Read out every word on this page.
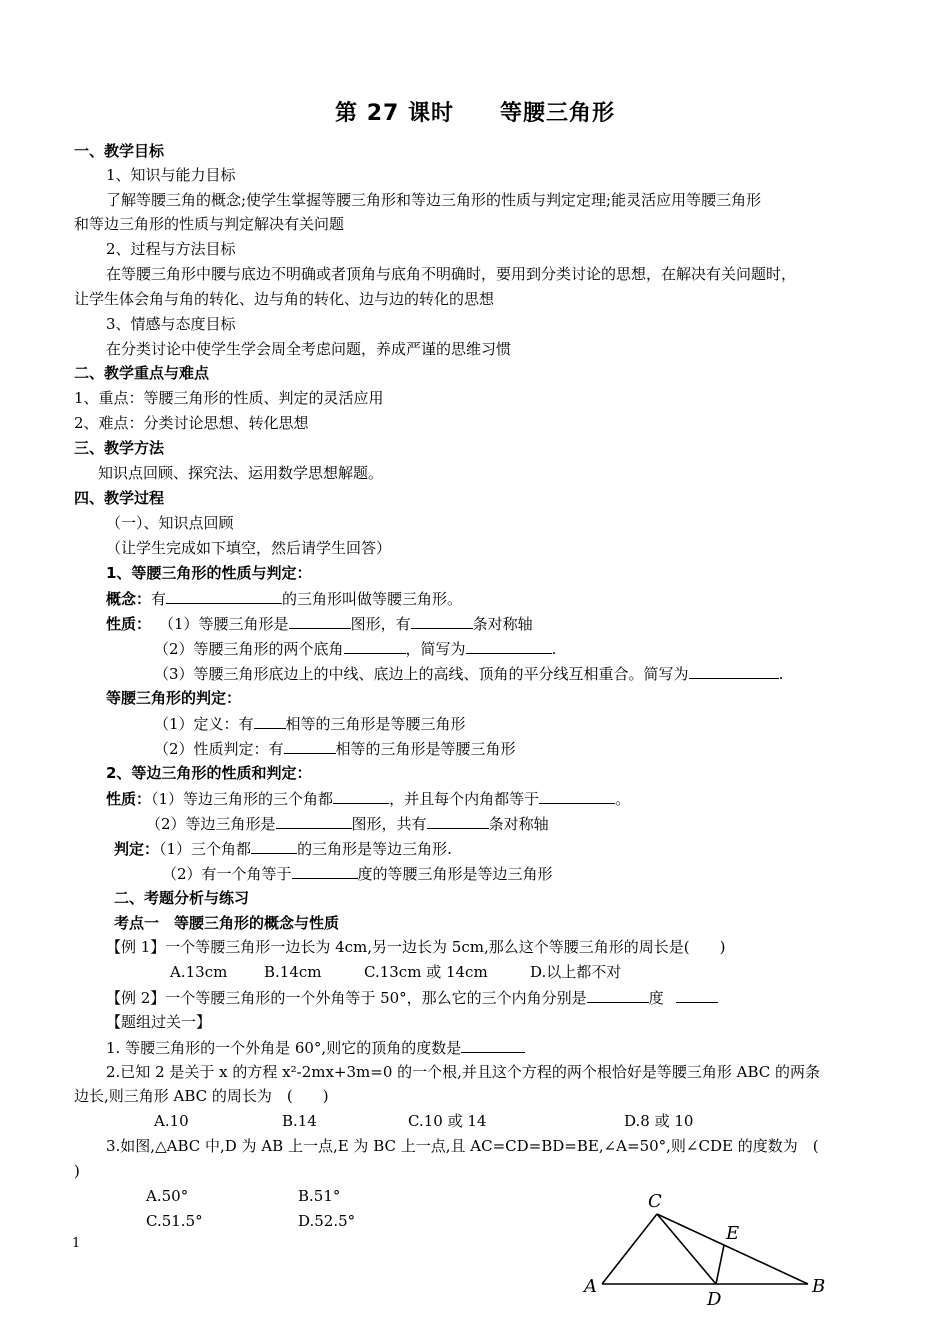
第 27 课时　　等腰三角形
一、教学目标
1、知识与能力目标
了解等腰三角的概念;使学生掌握等腰三角形和等边三角形的性质与判定定理;能灵活应用等腰三角形
和等边三角形的性质与判定解决有关问题
2、过程与方法目标
在等腰三角形中腰与底边不明确或者顶角与底角不明确时，要用到分类讨论的思想，在解决有关问题时，
让学生体会角与角的转化、边与角的转化、边与边的转化的思想
3、情感与态度目标
在分类讨论中使学生学会周全考虑问题，养成严谨的思维习惯
二、教学重点与难点
1、重点：等腰三角形的性质、判定的灵活应用
2、难点：分类讨论思想、转化思想
三、教学方法
知识点回顾、探究法、运用数学思想解题。
四、教学过程
（一）、知识点回顾
（让学生完成如下填空，然后请学生回答）
1、等腰三角形的性质与判定：
概念：有	的三角形叫做等腰三角形。
性质： （1）等腰三角形是	图形，有	条对称轴
（2）等腰三角形的两个底角	，简写为	.
（3）等腰三角形底边上的中线、底边上的高线、顶角的平分线互相重合。简写为	.
等腰三角形的判定：
（1）定义：有 相等的三角形是等腰三角形
（2）性质判定：有	相等的三角形是等腰三角形
2、等边三角形的性质和判定：
性质：（1）等边三角形的三个角都	，并且每个内角都等于	。
（2）等边三角形是	图形，共有	条对称轴
判定：（1）三个角都	的三角形是等边三角形.
（2）有一个角等于	度的等腰三角形是等边三角形
二、考题分析与练习
考点一　等腰三角形的概念与性质
【例 1】一个等腰三角形一边长为 4cm,另一边长为 5cm,那么这个等腰三角形的周长是(　　)
A.13cm B.14cm	C.13cm 或 14cm	D.以上都不对
【例 2】一个等腰三角形的一个外角等于 50°，那么它的三个内角分别是	度
【题组过关一】
1. 等腰三角形的一个外角是 60°,则它的顶角的度数是
2.已知 2 是关于 x 的方程 x²-2mx+3m=0 的一个根,并且这个方程的两个根恰好是等腰三角形 ABC 的两条
边长,则三角形 ABC 的周长为　(　　)
A.10	B.14	C.10 或 14	D.8 或 10
3.如图,△ABC 中,D 为 AB 上一点,E 为 BC 上一点,且 AC=CD=BD=BE,∠A=50°,则∠CDE 的度数为　(
)
A.50°	B.51°
C.51.5°	D.52.5°
1
C
E
A
D
B
